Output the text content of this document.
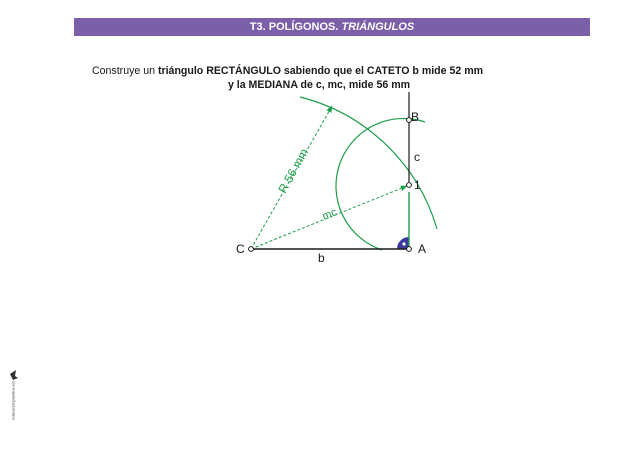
T3. POLÍGONOS.
TRIÁNGULOS
Construye un triángulo RECTÁNGULO sabiendo que el CATETO b mide 52 mm
y la MEDIANA de c, mc, mide 56 mm
C	A
B
1
b
c
R 56 mm
mc
educacionplastica.net
